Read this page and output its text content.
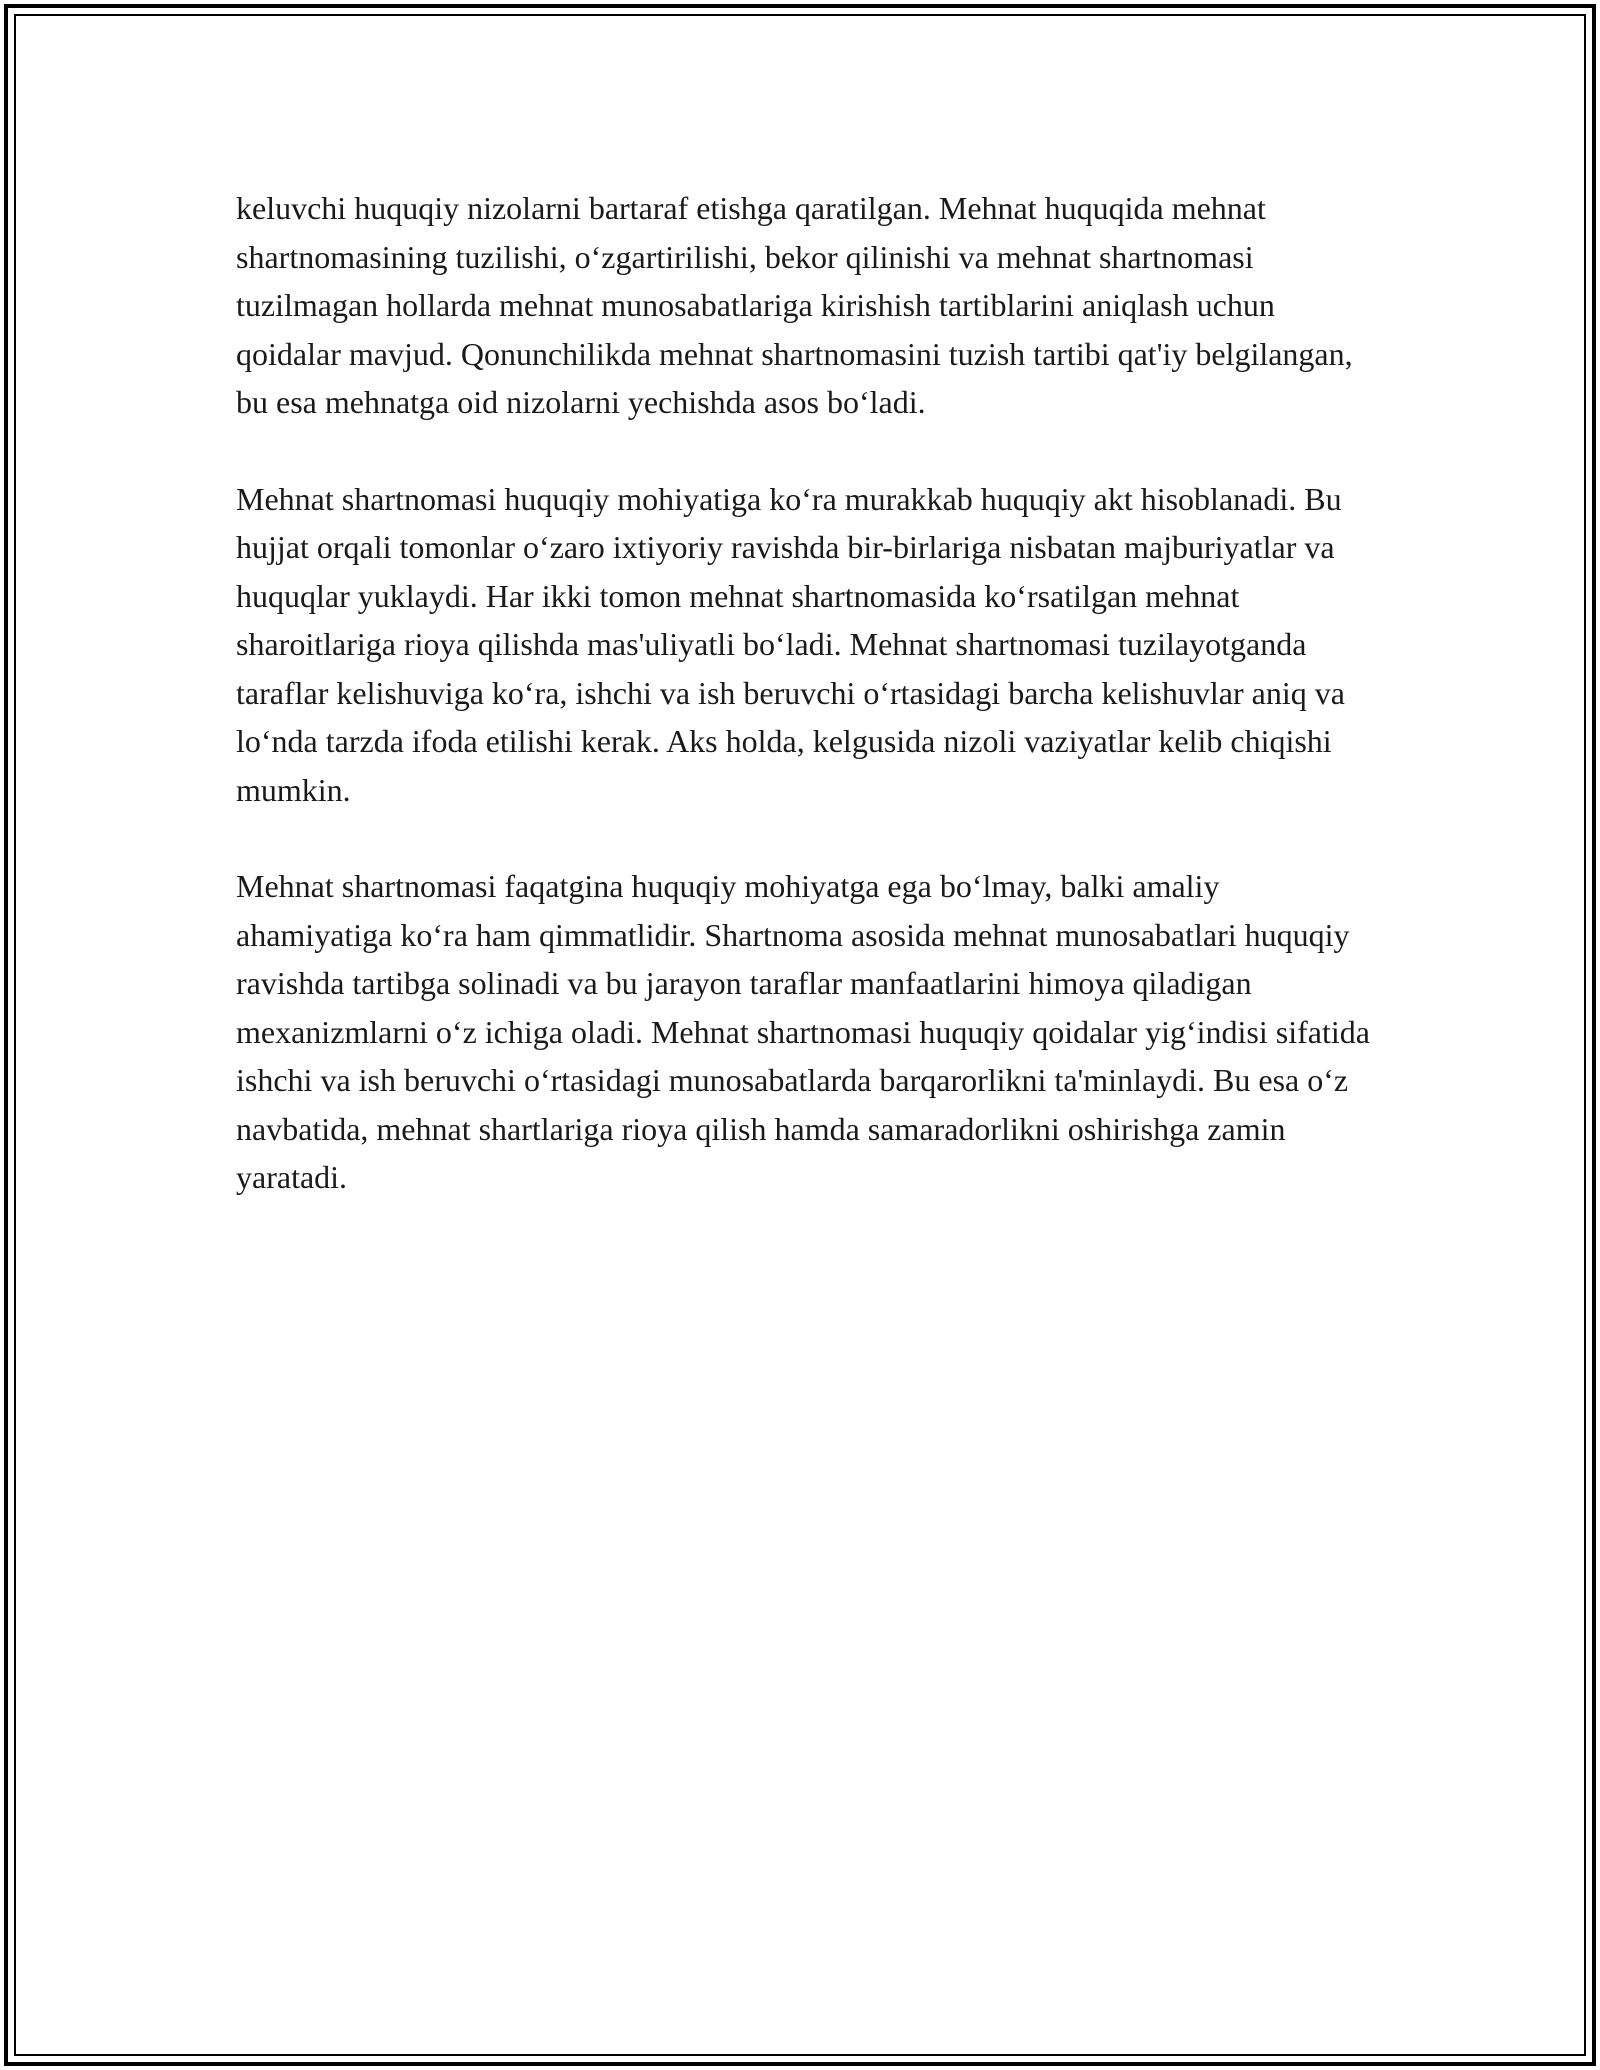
keluvchi huquqiy nizolarni bartaraf etishga qaratilgan. Mehnat huquqida mehnat shartnomasining tuzilishi, o‘zgartirilishi, bekor qilinishi va mehnat shartnomasi tuzilmagan hollarda mehnat munosabatlariga kirishish tartiblarini aniqlash uchun qoidalar mavjud. Qonunchilikda mehnat shartnomasini tuzish tartibi qat'iy belgilangan, bu esa mehnatga oid nizolarni yechishda asos bo‘ladi.

Mehnat shartnomasi huquqiy mohiyatiga ko‘ra murakkab huquqiy akt hisoblanadi. Bu hujjat orqali tomonlar o‘zaro ixtiyoriy ravishda bir-birlariga nisbatan majburiyatlar va huquqlar yuklaydi. Har ikki tomon mehnat shartnomasida ko‘rsatilgan mehnat sharoitlariga rioya qilishda mas'uliyatli bo‘ladi. Mehnat shartnomasi tuzilayotganda taraflar kelishuviga ko‘ra, ishchi va ish beruvchi o‘rtasidagi barcha kelishuvlar aniq va lo‘nda tarzda ifoda etilishi kerak. Aks holda, kelgusida nizoli vaziyatlar kelib chiqishi mumkin.

Mehnat shartnomasi faqatgina huquqiy mohiyatga ega bo‘lmay, balki amaliy ahamiyatiga ko‘ra ham qimmatlidir. Shartnoma asosida mehnat munosabatlari huquqiy ravishda tartibga solinadi va bu jarayon taraflar manfaatlarini himoya qiladigan mexanizmlarni o‘z ichiga oladi. Mehnat shartnomasi huquqiy qoidalar yig‘indisi sifatida ishchi va ish beruvchi o‘rtasidagi munosabatlarda barqarorlikni ta'minlaydi. Bu esa o‘z navbatida, mehnat shartlariga rioya qilish hamda samaradorlikni oshirishga zamin yaratadi.
